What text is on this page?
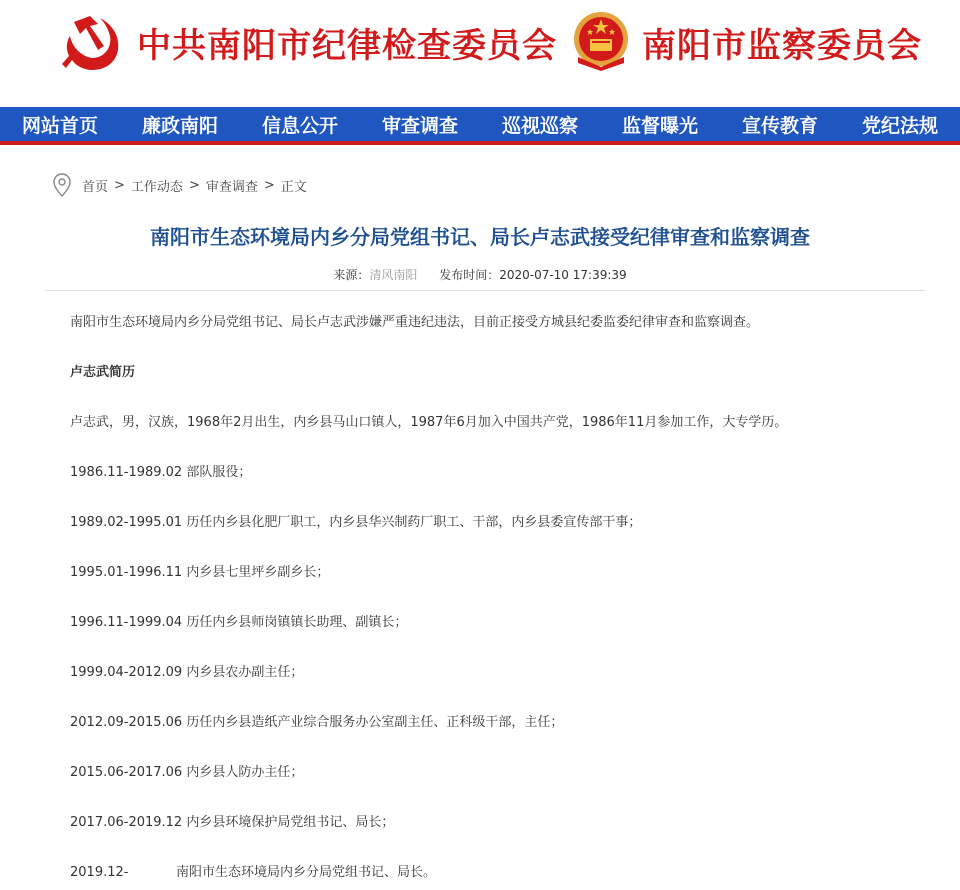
中共南阳市纪律检查委员会	南阳市监察委员会
网站首页	廉政南阳	信息公开	审查调查	巡视巡察	监督曝光	宣传教育	党纪法规
首页 > 工作动态 > 审查调查 > 正文
南阳市生态环境局内乡分局党组书记、局长卢志武接受纪律审查和监察调查
来源：清风南阳 发布时间：2020-07-10 17:39:39

南阳市生态环境局内乡分局党组书记、局长卢志武涉嫌严重违纪违法，目前正接受方城县纪委监委纪律审查和监察调查。

卢志武简历

卢志武，男，汉族，1968年2月出生，内乡县马山口镇人，1987年6月加入中国共产党，1986年11月参加工作，大专学历。

1986.11-1989.02 部队服役；

1989.02-1995.01 历任内乡县化肥厂职工，内乡县华兴制药厂职工、干部，内乡县委宣传部干事；

1995.01-1996.11 内乡县七里坪乡副乡长；

1996.11-1999.04 历任内乡县师岗镇镇长助理、副镇长；

1999.04-2012.09 内乡县农办副主任；

2012.09-2015.06 历任内乡县造纸产业综合服务办公室副主任、正科级干部，主任；

2015.06-2017.06 内乡县人防办主任；

2017.06-2019.12 内乡县环境保护局党组书记、局长；

2019.12-	南阳市生态环境局内乡分局党组书记、局长。
